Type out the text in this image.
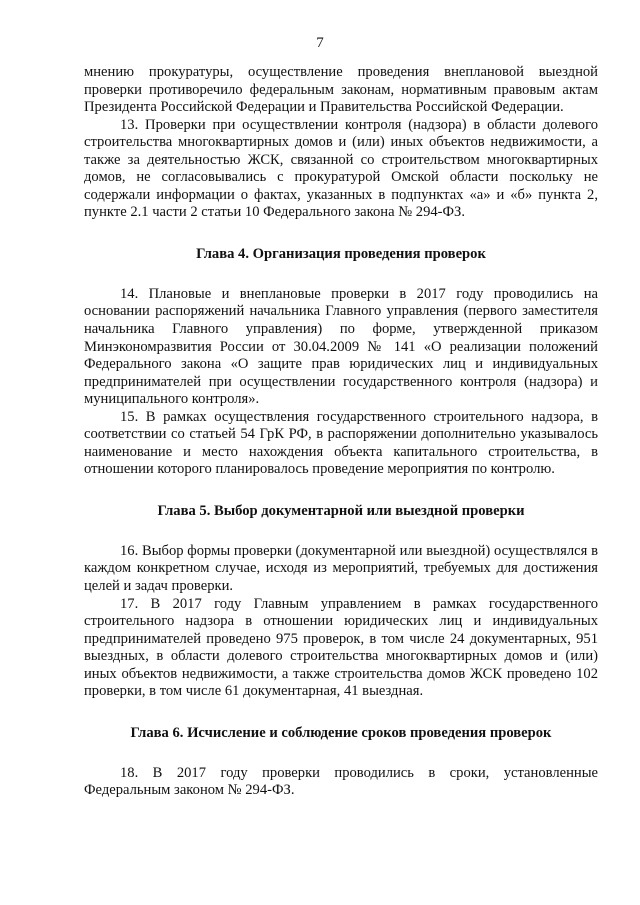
7

мнению прокуратуры, осуществление проведения внеплановой выездной проверки противоречило федеральным законам, нормативным правовым актам Президента Российской Федерации и Правительства Российской Федерации.

13. Проверки при осуществлении контроля (надзора) в области долевого строительства многоквартирных домов и (или) иных объектов недвижимости, а также за деятельностью ЖСК, связанной со строительством многоквартирных домов, не согласовывались с прокуратурой Омской области поскольку не содержали информации о фактах, указанных в подпунктах «а» и «б» пункта 2, пункте 2.1 части 2 статьи 10 Федерального закона № 294-ФЗ.

Глава 4. Организация проведения проверок

14. Плановые и внеплановые проверки в 2017 году проводились на основании распоряжений начальника Главного управления (первого заместителя начальника Главного управления) по форме, утвержденной приказом Минэкономразвития России от 30.04.2009 № 141 «О реализации положений Федерального закона «О защите прав юридических лиц и индивидуальных предпринимателей при осуществлении государственного контроля (надзора) и муниципального контроля».

15. В рамках осуществления государственного строительного надзора, в соответствии со статьей 54 ГрК РФ, в распоряжении дополнительно указывалось наименование и место нахождения объекта капитального строительства, в отношении которого планировалось проведение мероприятия по контролю.

Глава 5. Выбор документарной или выездной проверки

16. Выбор формы проверки (документарной или выездной) осуществлялся в каждом конкретном случае, исходя из мероприятий, требуемых для достижения целей и задач проверки.

17. В 2017 году Главным управлением в рамках государственного строительного надзора в отношении юридических лиц и индивидуальных предпринимателей проведено 975 проверок, в том числе 24 документарных, 951 выездных, в области долевого строительства многоквартирных домов и (или) иных объектов недвижимости, а также строительства домов ЖСК проведено 102 проверки, в том числе 61 документарная, 41 выездная.

Глава 6. Исчисление и соблюдение сроков проведения проверок

18. В 2017 году проверки проводились в сроки, установленные Федеральным законом № 294-ФЗ.
